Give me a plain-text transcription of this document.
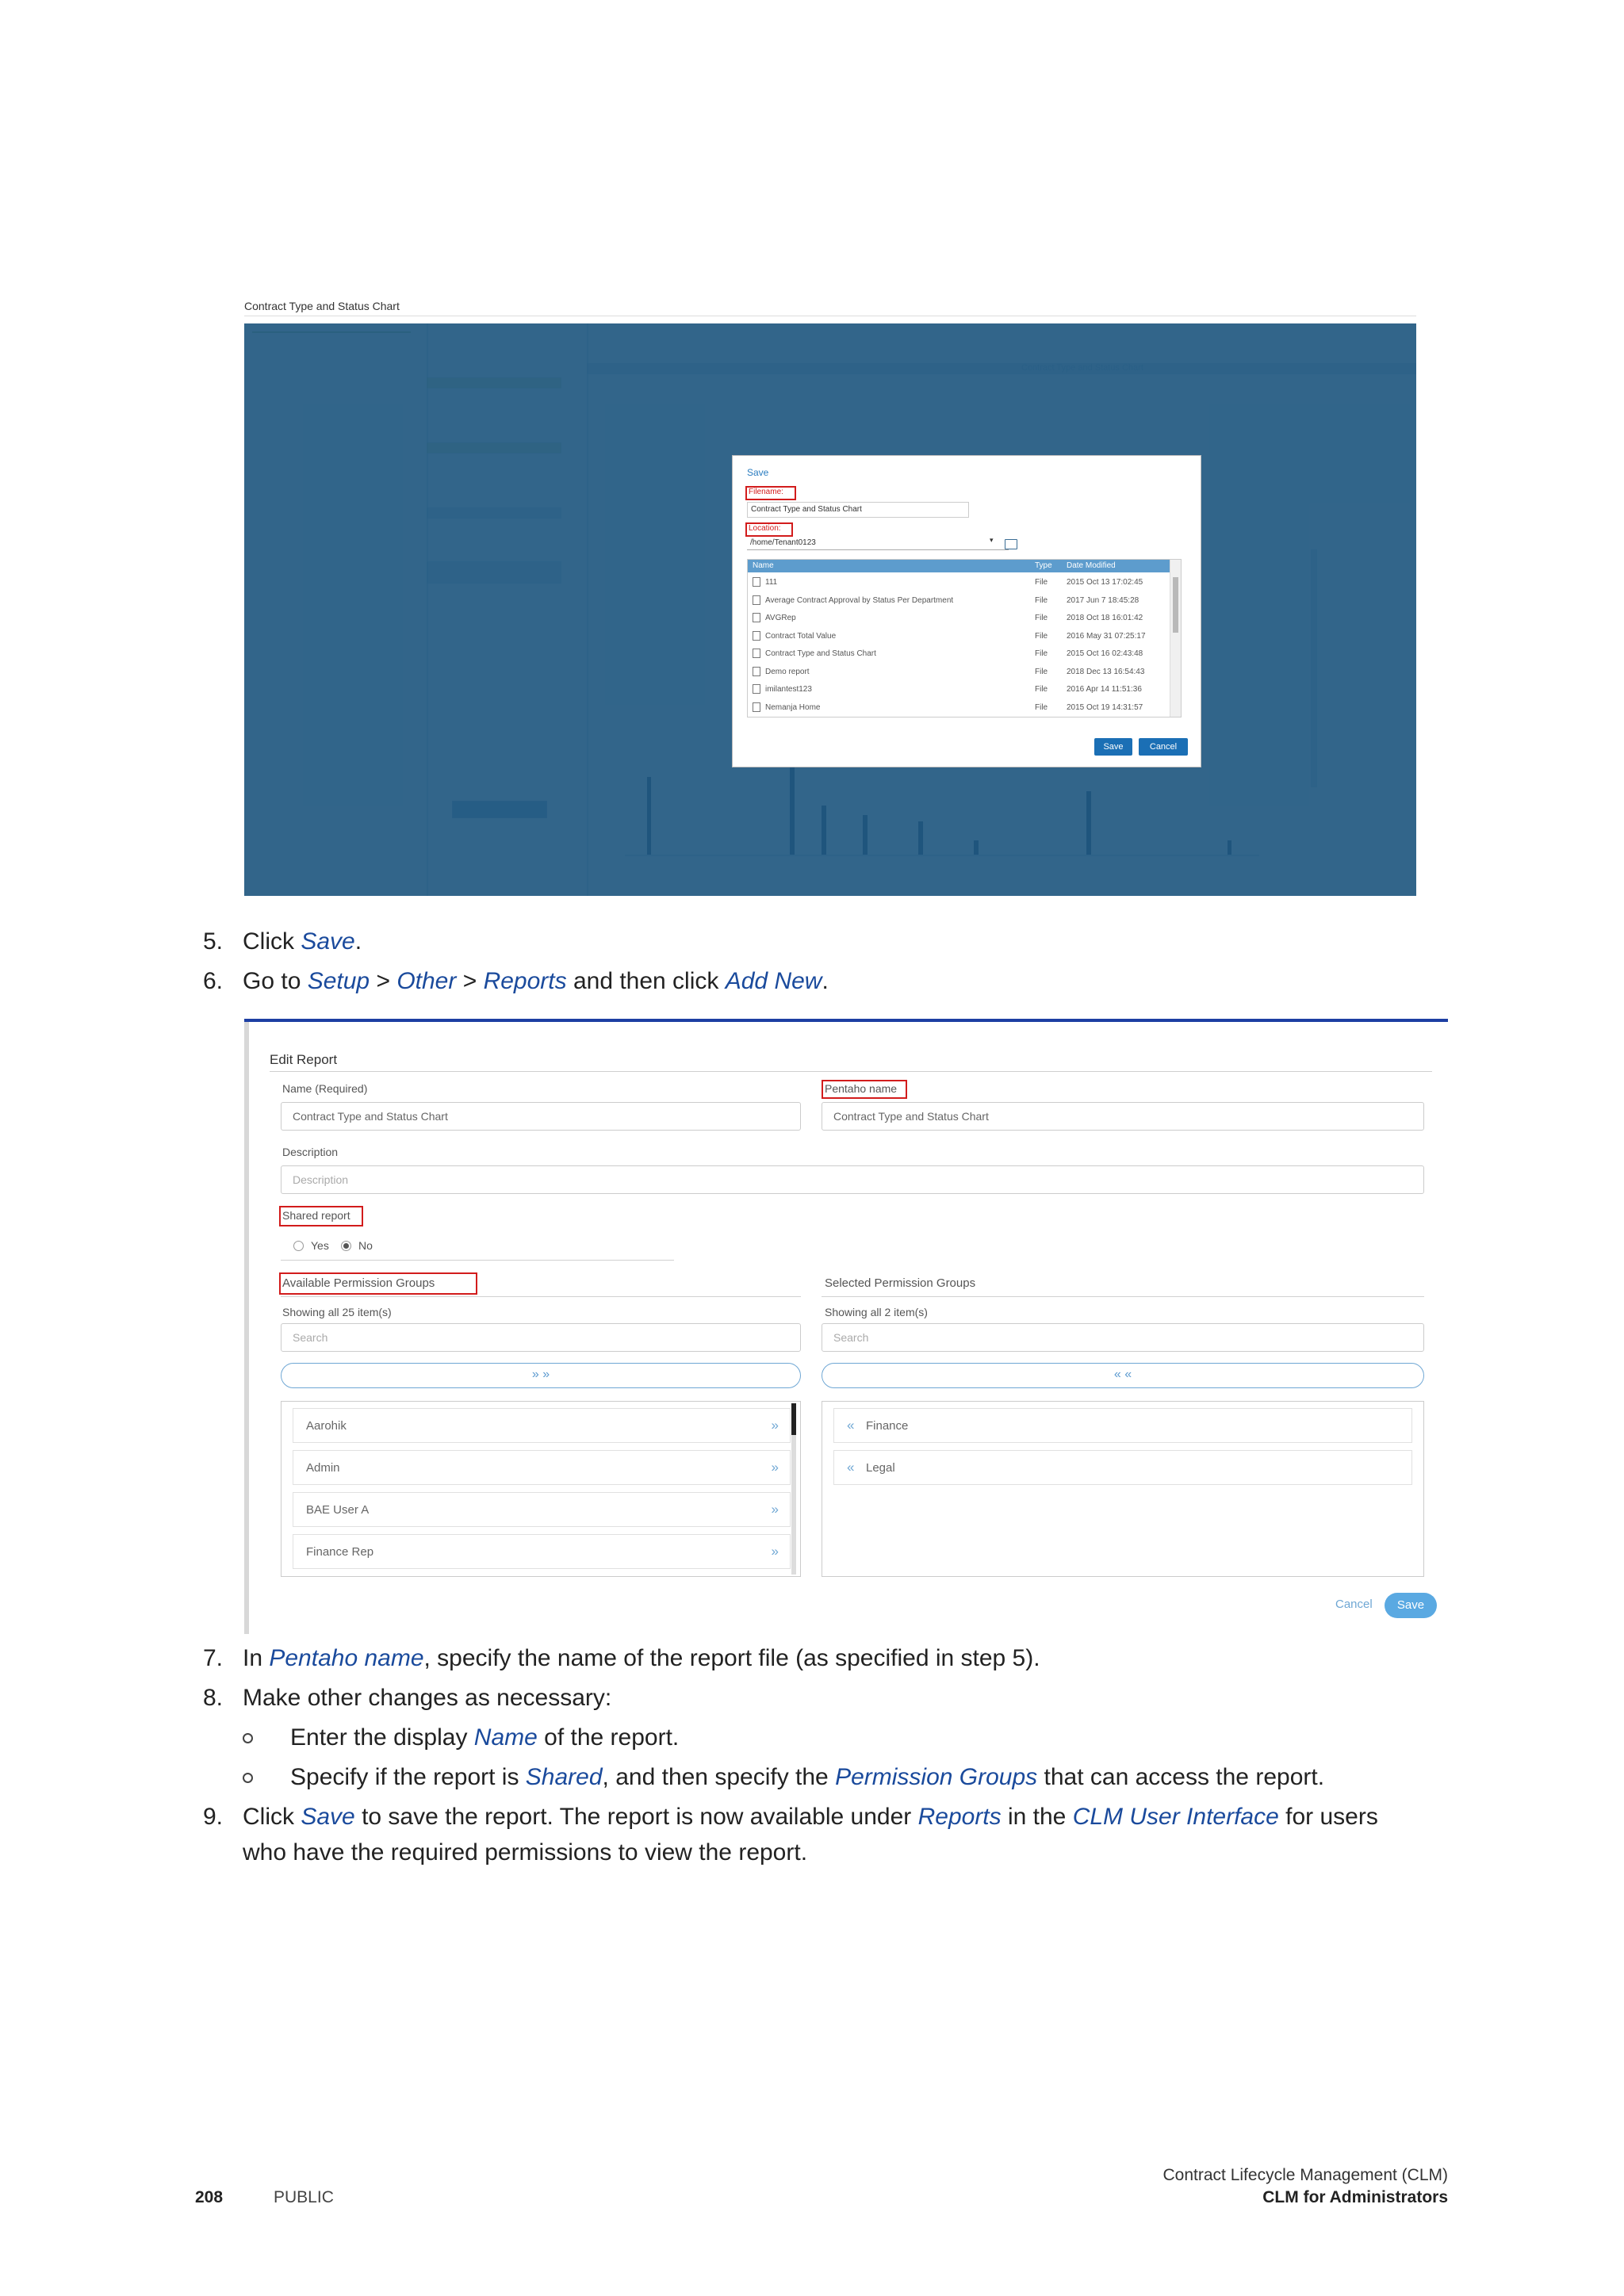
Contract Type and Status Chart
Save
Filename:
Contract Type and Status Chart
Location:
/home/Tenant0123	▾
Name	Type Date Modified
111	File 2015 Oct 13 17:02:45
Average Contract Approval by Status Per Department	File 2017 Jun 7 18:45:28
AVGRep	File 2018 Oct 18 16:01:42
Contract Total Value	File 2016 May 31 07:25:17
Contract Type and Status Chart	File 2015 Oct 16 02:43:48
Demo report	File 2018 Dec 13 16:54:43
imilantest123	File 2016 Apr 14 11:51:36
Nemanja Home	File 2015 Oct 19 14:31:57
Save	Cancel
5. Click Save.
6. Go to Setup > Other > Reports and then click Add New.
Edit Report
Name (Required)
Contract Type and Status Chart
Pentaho name
Contract Type and Status Chart
Description
Description
Shared report
Yes	No
Available Permission Groups
Showing all 25 item(s)
Search
Selected Permission Groups
Showing all 2 item(s)
Search
» »	« «
Aarohik	»
Admin	»
BAE User A	»
Finance Rep	»
« Finance
« Legal
Cancel	Save
7. In Pentaho name, specify the name of the report file (as specified in step 5).
8. Make other changes as necessary:
Enter the display Name of the report.
Specify if the report is Shared, and then specify the Permission Groups that can access the report.
9. Click Save to save the report. The report is now available under Reports in the CLM User Interface for users
who have the required permissions to view the report.
208	PUBLIC
Contract Lifecycle Management (CLM)
CLM for Administrators
